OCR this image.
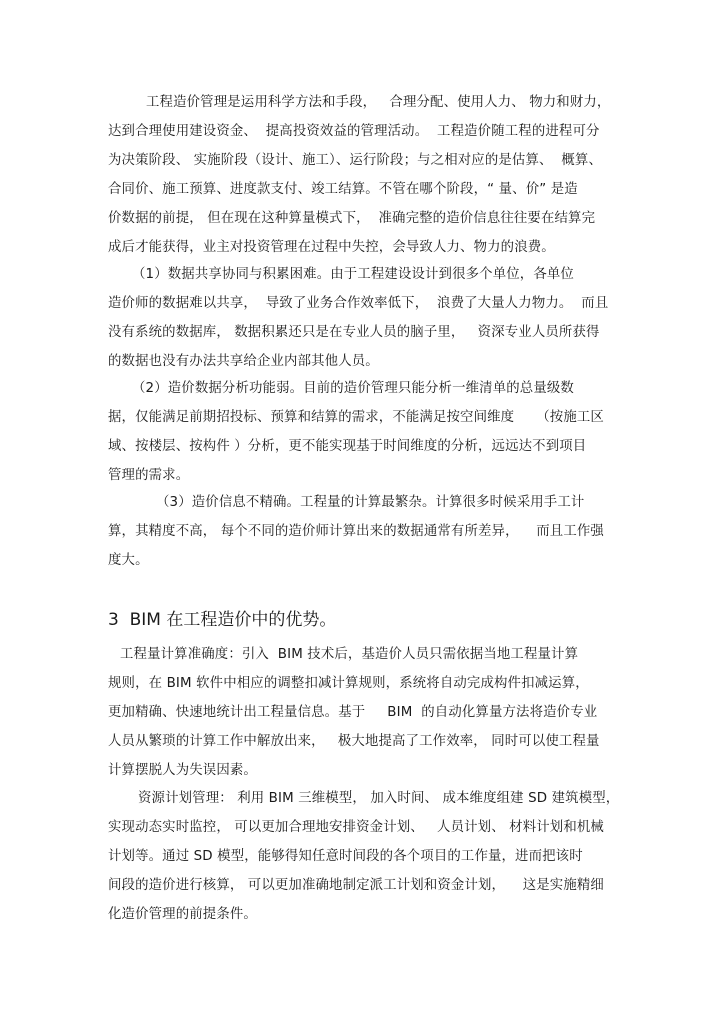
工程造价管理是运用科学方法和手段，   合理分配、使用人力、 物力和财力，
达到合理使用建设资金、  提高投资效益的管理活动。  工程造价随工程的进程可分
为决策阶段、 实施阶段（设计、施工）、运行阶段；与之相对应的是估算、  概算、
合同价、施工预算、进度款支付、竣工结算。不管在哪个阶段，“ 量、价” 是造
价数据的前提， 但在现在这种算量模式下，  准确完整的造价信息往往要在结算完
成后才能获得，业主对投资管理在过程中失控，会导致人力、物力的浪费。
（1）数据共享协同与积累困难。由于工程建设设计到很多个单位，各单位
造价师的数据难以共享，  导致了业务合作效率低下，  浪费了大量人力物力。  而且
没有系统的数据库， 数据积累还只是在专业人员的脑子里，   资深专业人员所获得
的数据也没有办法共享给企业内部其他人员。
（2）造价数据分析功能弱。目前的造价管理只能分析一维清单的总量级数
据，仅能满足前期招投标、预算和结算的需求，不能满足按空间维度     （按施工区
域、按楼层、按构件 ）分析，更不能实现基于时间维度的分析，远远达不到项目
管理的需求。
（3）造价信息不精确。工程量的计算最繁杂。计算很多时候采用手工计
算，其精度不高， 每个不同的造价师计算出来的数据通常有所差异，    而且工作强
度大。
3  BIM 在工程造价中的优势。
工程量计算准确度：引入  BIM 技术后，基造价人员只需依据当地工程量计算
规则，在 BIM 软件中相应的调整扣减计算规则，系统将自动完成构件扣减运算，
更加精确、快速地统计出工程量信息。基于     BIM  的自动化算量方法将造价专业
人员从繁琐的计算工作中解放出来，   极大地提高了工作效率， 同时可以使工程量
计算摆脱人为失误因素。
资源计划管理： 利用 BIM 三维模型， 加入时间、 成本维度组建 SD 建筑模型，
实现动态实时监控， 可以更加合理地安排资金计划、   人员计划、 材料计划和机械
计划等。通过 SD 模型，能够得知任意时间段的各个项目的工作量，进而把该时
间段的造价进行核算， 可以更加准确地制定派工计划和资金计划，    这是实施精细
化造价管理的前提条件。
